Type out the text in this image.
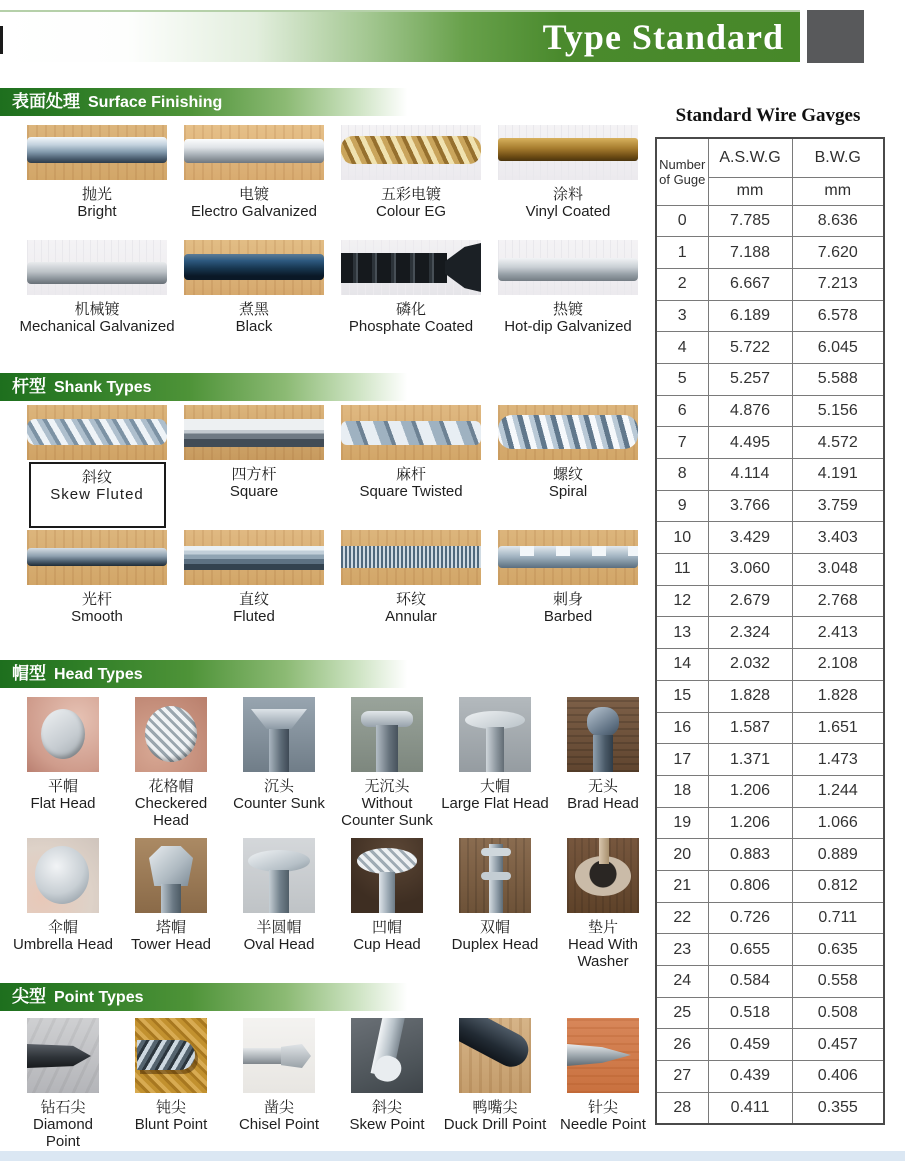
Type Standard
表面处理 Surface Finishing
抛光
Bright
电镀
Electro Galvanized
五彩电镀
Colour EG
涂料
Vinyl Coated
机械镀
Mechanical Galvanized
煮黑
Black
磷化
Phosphate Coated
热镀
Hot-dip Galvanized
杆型 Shank Types
斜纹
Skew Fluted
四方杆
Square
麻杆
Square Twisted
螺纹
Spiral
光杆
Smooth
直纹
Fluted
环纹
Annular
刺身
Barbed
帽型 Head Types
平帽
Flat Head
花格帽
Checkered
Head
沉头
Counter Sunk
无沉头
Without
Counter Sunk
大帽
Large Flat Head
无头
Brad Head
伞帽
Umbrella Head
塔帽
Tower Head
半圆帽
Oval Head
凹帽
Cup Head
双帽
Duplex Head
垫片
Head With
Washer
尖型 Point Types
钻石尖
Diamond
Point
钝尖
Blunt Point
凿尖
Chisel Point
斜尖
Skew Point
鸭嘴尖
Duck Drill Point
针尖
Needle Point
Standard Wire Gavges
Number of Guge	A.S.W.G	B.W.G
	mm	mm
0	7.785	8.636
1	7.188	7.620
2	6.667	7.213
3	6.189	6.578
4	5.722	6.045
5	5.257	5.588
6	4.876	5.156
7	4.495	4.572
8	4.114	4.191
9	3.766	3.759
10	3.429	3.403
11	3.060	3.048
12	2.679	2.768
13	2.324	2.413
14	2.032	2.108
15	1.828	1.828
16	1.587	1.651
17	1.371	1.473
18	1.206	1.244
19	1.206	1.066
20	0.883	0.889
21	0.806	0.812
22	0.726	0.711
23	0.655	0.635
24	0.584	0.558
25	0.518	0.508
26	0.459	0.457
27	0.439	0.406
28	0.411	0.355
